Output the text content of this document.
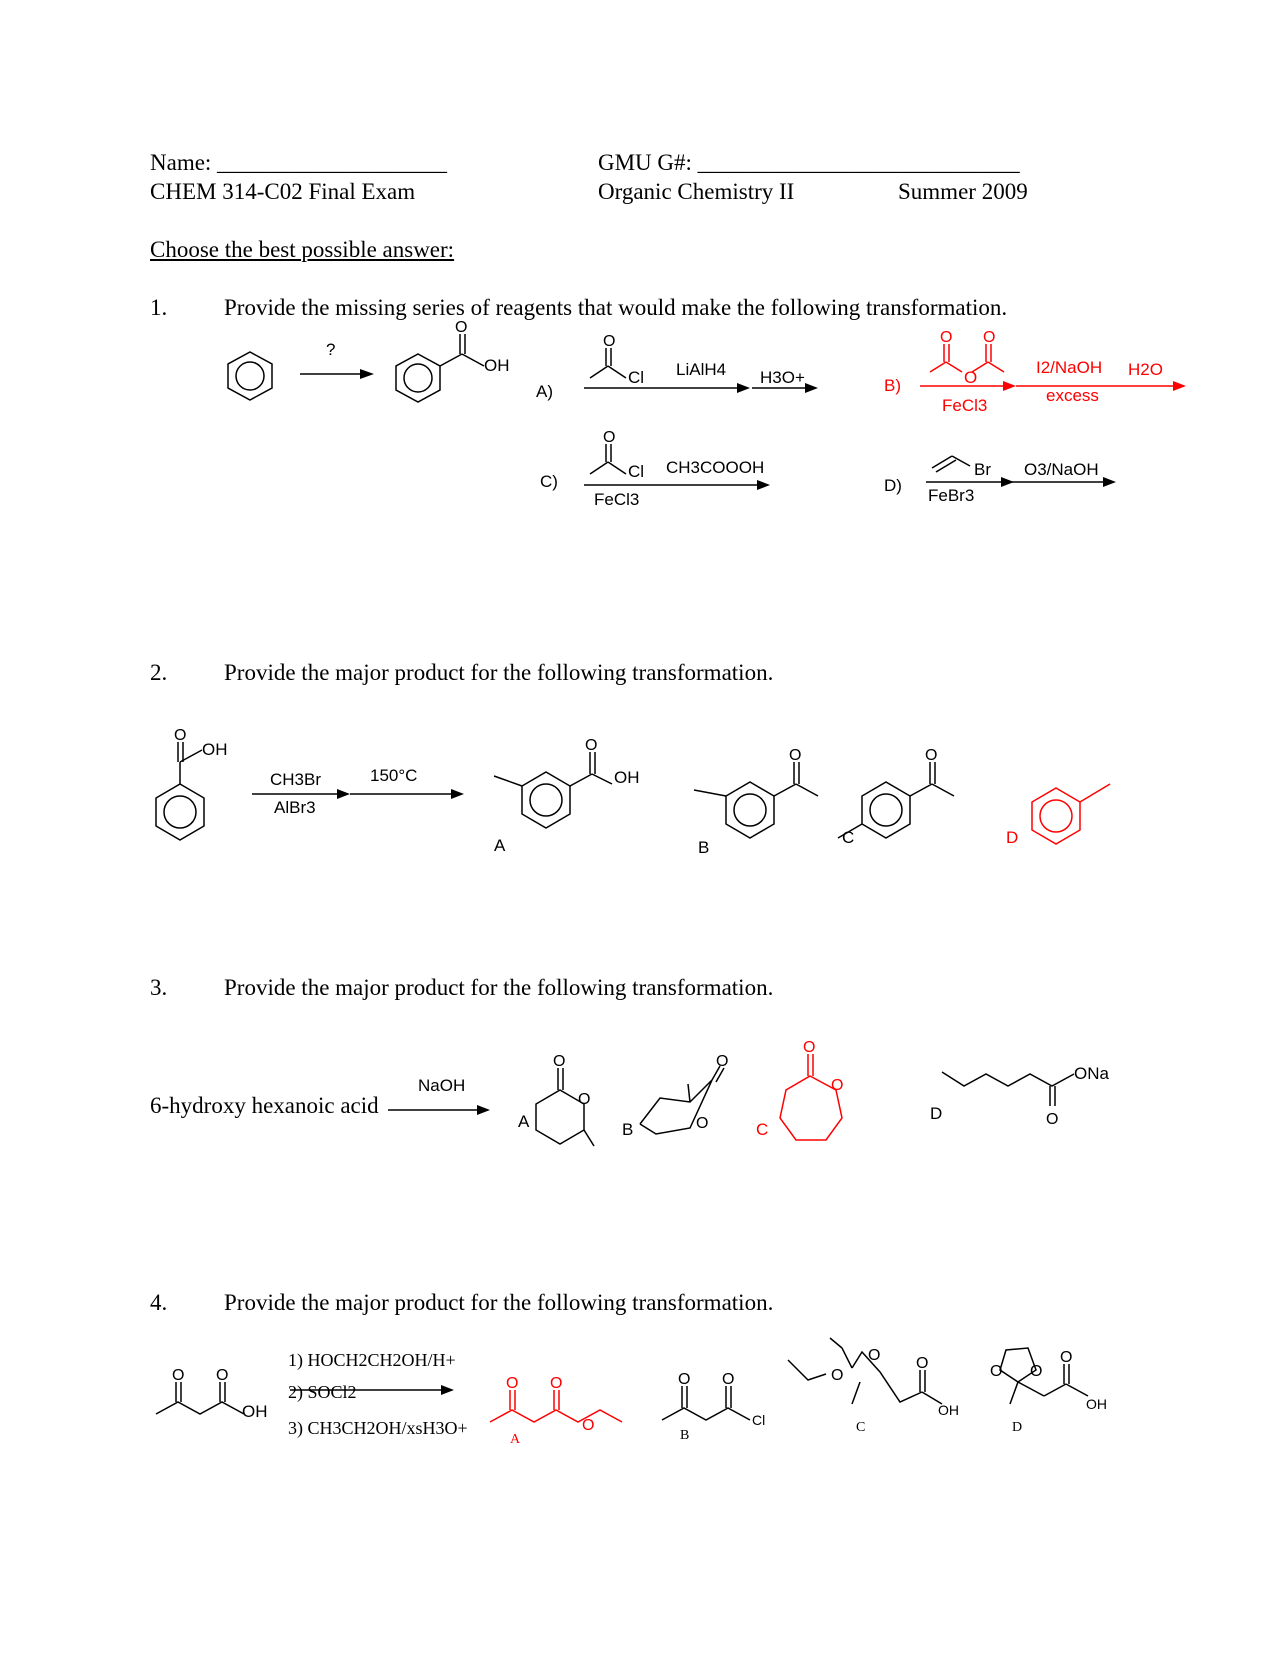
Name: ____________________
CHEM 314-C02 Final Exam
GMU G#: ____________________________
Organic Chemistry II	Summer 2009
Choose the best possible answer:
1. Provide the missing series of reagents that would make the following transformation.
O
O	O O
O
O
O
O	O
O
O
O
O
O
O
O
O O	O O
O
O O	O
O O	O
O O
?
OH
A)
Cl LiAlH4 H3O+	B)	O
FeCl3
I2/NaOH
excess
H2O
C)
Cl CH3COOOH
FeCl3
D)
Br
FeBr3
O3/NaOH
2. Provide the major product for the following transformation.
OH
CH3Br
AlBr3
150°C	OH
A	B
C	D
3. Provide the major product for the following transformation.
6-hydroxy hexanoic acid
NaOH
A	B	C
D
ONa
4. Provide the major product for the following transformation.
OH
1) HOCH2CH2OH/H+
2) SOCl2
3) CH3CH2OH/xsH3O+
A
Cl
B
OH
C
OH
D
